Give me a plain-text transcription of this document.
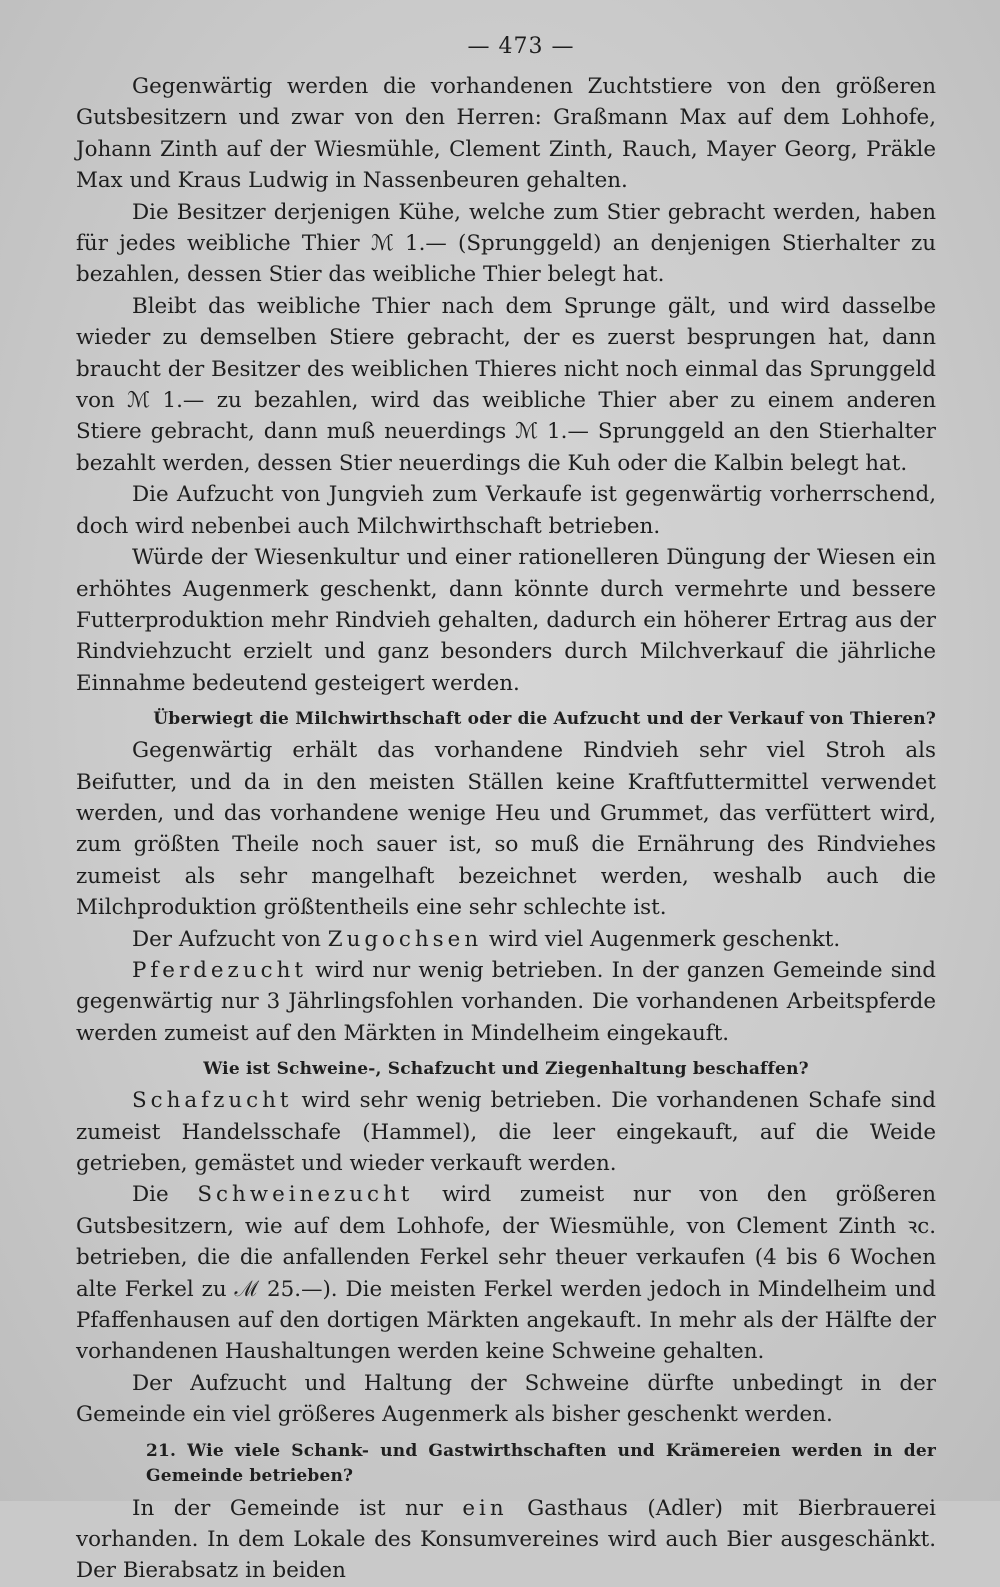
— 473 —

Gegenwärtig werden die vorhandenen Zuchtstiere von den größeren Gutsbesitzern und zwar von den Herren: Graßmann Max auf dem Lohhofe, Johann Zinth auf der Wiesmühle, Clement Zinth, Rauch, Mayer Georg, Präkle Max und Kraus Ludwig in Nassenbeuren gehalten.

Die Besitzer derjenigen Kühe, welche zum Stier gebracht werden, haben für jedes weibliche Thier ℳ 1.— (Sprunggeld) an denjenigen Stierhalter zu bezahlen, dessen Stier das weibliche Thier belegt hat.

Bleibt das weibliche Thier nach dem Sprunge gält, und wird dasselbe wieder zu demselben Stiere gebracht, der es zuerst besprungen hat, dann braucht der Besitzer des weiblichen Thieres nicht noch einmal das Sprunggeld von ℳ 1.— zu bezahlen, wird das weibliche Thier aber zu einem anderen Stiere gebracht, dann muß neuerdings ℳ 1.— Sprunggeld an den Stierhalter bezahlt werden, dessen Stier neuerdings die Kuh oder die Kalbin belegt hat.

Die Aufzucht von Jungvieh zum Verkaufe ist gegenwärtig vorherrschend, doch wird nebenbei auch Milchwirthschaft betrieben.

Würde der Wiesenkultur und einer rationelleren Düngung der Wiesen ein erhöhtes Augenmerk geschenkt, dann könnte durch vermehrte und bessere Futterproduktion mehr Rindvieh gehalten, dadurch ein höherer Ertrag aus der Rindviehzucht erzielt und ganz besonders durch Milchverkauf die jährliche Einnahme bedeutend gesteigert werden.

Überwiegt die Milchwirthschaft oder die Aufzucht und der Verkauf von Thieren?

Gegenwärtig erhält das vorhandene Rindvieh sehr viel Stroh als Beifutter, und da in den meisten Ställen keine Kraftfuttermittel verwendet werden, und das vorhandene wenige Heu und Grummet, das verfüttert wird, zum größten Theile noch sauer ist, so muß die Ernährung des Rindviehes zumeist als sehr mangelhaft bezeichnet werden, weshalb auch die Milchproduktion größtentheils eine sehr schlechte ist.

Der Aufzucht von Zugochsen wird viel Augenmerk geschenkt.

Pferdezucht wird nur wenig betrieben. In der ganzen Gemeinde sind gegenwärtig nur 3 Jährlingsfohlen vorhanden. Die vorhandenen Arbeitspferde werden zumeist auf den Märkten in Mindelheim eingekauft.

Wie ist Schweine-, Schafzucht und Ziegenhaltung beschaffen?

Schafzucht wird sehr wenig betrieben. Die vorhandenen Schafe sind zumeist Handelsschafe (Hammel), die leer eingekauft, auf die Weide getrieben, gemästet und wieder verkauft werden.

Die Schweinezucht wird zumeist nur von den größeren Gutsbesitzern, wie auf dem Lohhofe, der Wiesmühle, von Clement Zinth ꝛc. betrieben, die die anfallenden Ferkel sehr theuer verkaufen (4 bis 6 Wochen alte Ferkel zu ℳ 25.—). Die meisten Ferkel werden jedoch in Mindelheim und Pfaffenhausen auf den dortigen Märkten angekauft. In mehr als der Hälfte der vorhandenen Haushaltungen werden keine Schweine gehalten.

Der Aufzucht und Haltung der Schweine dürfte unbedingt in der Gemeinde ein viel größeres Augenmerk als bisher geschenkt werden.

21. Wie viele Schank- und Gastwirthschaften und Krämereien werden in der Gemeinde betrieben?

In der Gemeinde ist nur ein Gasthaus (Adler) mit Bierbrauerei vorhanden. In dem Lokale des Konsumvereines wird auch Bier ausgeschänkt. Der Bierabsatz in beiden
